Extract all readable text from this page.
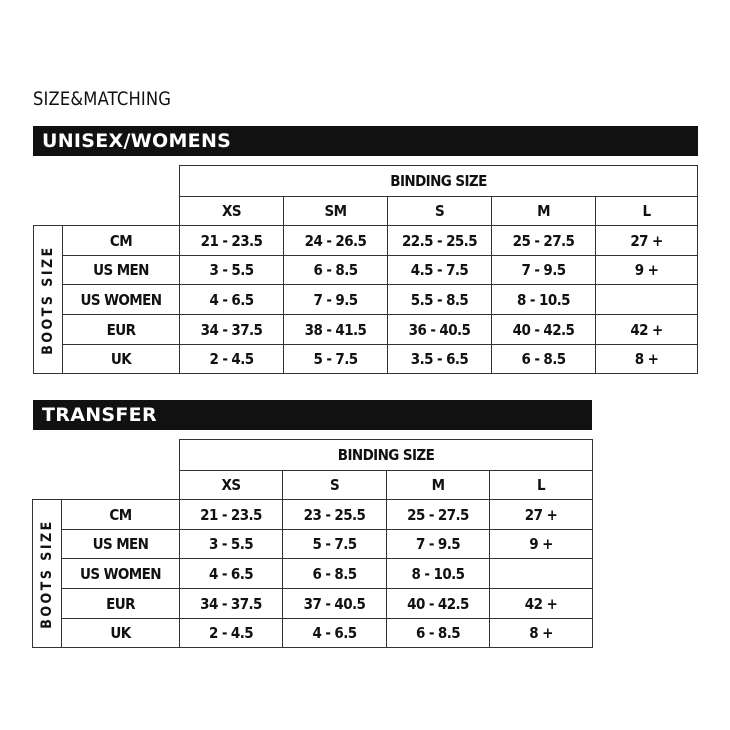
SIZE&MATCHING
UNISEX/WOMENS
		BINDING SIZE				
		XS	SM	S	M	L

BOOTS SIZE	CM	21 - 23.5	24 - 26.5	22.5 - 25.5	25 - 27.5	27 +
	US MEN	3 - 5.5	6 - 8.5	4.5 - 7.5	7 - 9.5	9 +
	US WOMEN	4 - 6.5	7 - 9.5	5.5 - 8.5	8 - 10.5	
	EUR	34 - 37.5	38 - 41.5	36 - 40.5	40 - 42.5	42 +
	UK	2 - 4.5	5 - 7.5	3.5 - 6.5	6 - 8.5	8 +
TRANSFER
		BINDING SIZE			
		XS	S	M	L

BOOTS SIZE	CM	21 - 23.5	23 - 25.5	25 - 27.5	27 +
	US MEN	3 - 5.5	5 - 7.5	7 - 9.5	9 +
	US WOMEN	4 - 6.5	6 - 8.5	8 - 10.5	
	EUR	34 - 37.5	37 - 40.5	40 - 42.5	42 +
	UK	2 - 4.5	4 - 6.5	6 - 8.5	8 +
